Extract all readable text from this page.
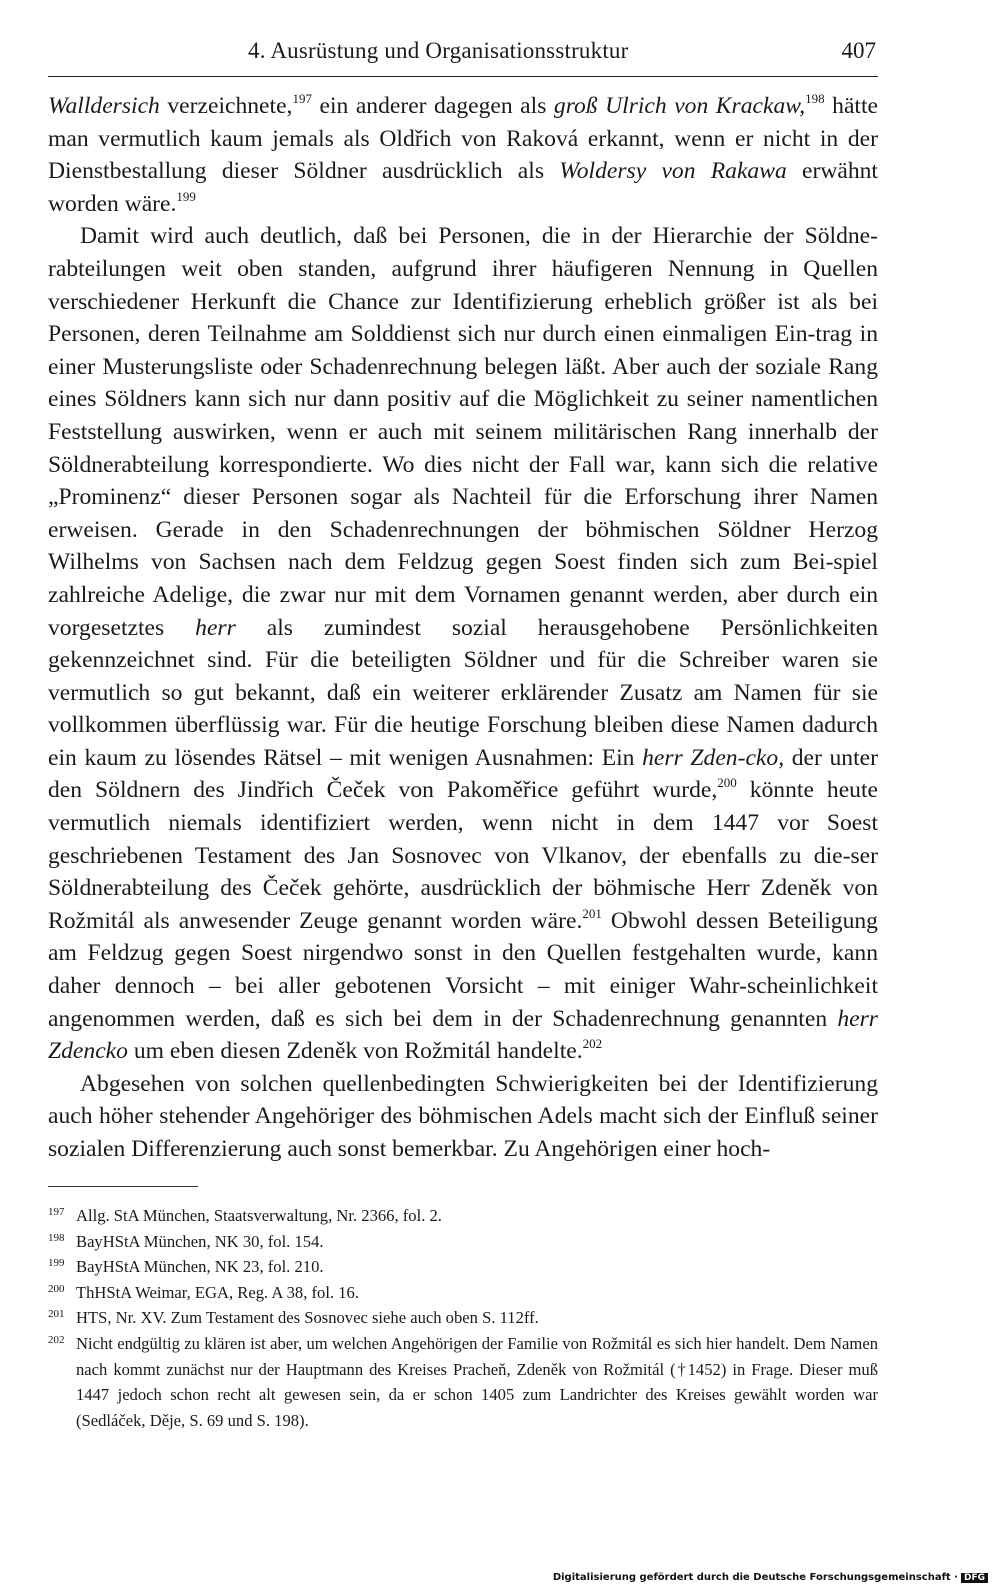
4. Ausrüstung und Organisationsstruktur	407

Walldersich verzeichnete,$^{197}$ ein anderer dagegen als groß Ulrich von Krackaw,$^{198}$ hätte man vermutlich kaum jemals als Oldřich von Raková erkannt, wenn er nicht in der Dienstbestallung dieser Söldner ausdrücklich als Woldersy von Rakawa erwähnt worden wäre.$^{199}$

Damit wird auch deutlich, daß bei Personen, die in der Hierarchie der Söldne-rabteilungen weit oben standen, aufgrund ihrer häufigeren Nennung in Quellen verschiedener Herkunft die Chance zur Identifizierung erheblich größer ist als bei Personen, deren Teilnahme am Solddienst sich nur durch einen einmaligen Ein-trag in einer Musterungsliste oder Schadenrechnung belegen läßt. Aber auch der soziale Rang eines Söldners kann sich nur dann positiv auf die Möglichkeit zu seiner namentlichen Feststellung auswirken, wenn er auch mit seinem militärischen Rang innerhalb der Söldnerabteilung korrespondierte. Wo dies nicht der Fall war, kann sich die relative „Prominenz“ dieser Personen sogar als Nachteil für die Erforschung ihrer Namen erweisen. Gerade in den Schadenrechnungen der böhmischen Söldner Herzog Wilhelms von Sachsen nach dem Feldzug gegen Soest finden sich zum Bei-spiel zahlreiche Adelige, die zwar nur mit dem Vornamen genannt werden, aber durch ein vorgesetztes herr als zumindest sozial herausgehobene Persönlichkeiten gekennzeichnet sind. Für die beteiligten Söldner und für die Schreiber waren sie vermutlich so gut bekannt, daß ein weiterer erklärender Zusatz am Namen für sie vollkommen überflüssig war. Für die heutige Forschung bleiben diese Namen dadurch ein kaum zu lösendes Rätsel – mit wenigen Ausnahmen: Ein herr Zden-cko, der unter den Söldnern des Jindřich Čeček von Pakoměřice geführt wurde,$^{200}$ könnte heute vermutlich niemals identifiziert werden, wenn nicht in dem 1447 vor Soest geschriebenen Testament des Jan Sosnovec von Vlkanov, der ebenfalls zu die-ser Söldnerabteilung des Čeček gehörte, ausdrücklich der böhmische Herr Zdeněk von Rožmitál als anwesender Zeuge genannt worden wäre.$^{201}$ Obwohl dessen Beteiligung am Feldzug gegen Soest nirgendwo sonst in den Quellen festgehalten wurde, kann daher dennoch – bei aller gebotenen Vorsicht – mit einiger Wahr-scheinlichkeit angenommen werden, daß es sich bei dem in der Schadenrechnung genannten herr Zdencko um eben diesen Zdeněk von Rožmitál handelte.$^{202}$

Abgesehen von solchen quellenbedingten Schwierigkeiten bei der Identifizierung auch höher stehender Angehöriger des böhmischen Adels macht sich der Einfluß seiner sozialen Differenzierung auch sonst bemerkbar. Zu Angehörigen einer hoch-

$^{197}$ Allg. StA München, Staatsverwaltung, Nr. 2366, fol. 2.
$^{198}$ BayHStA München, NK 30, fol. 154.
$^{199}$ BayHStA München, NK 23, fol. 210.
$^{200}$ ThHStA Weimar, EGA, Reg. A 38, fol. 16.
$^{201}$ HTS, Nr. XV. Zum Testament des Sosnovec siehe auch oben S. 112ff.
$^{202}$ Nicht endgültig zu klären ist aber, um welchen Angehörigen der Familie von Rožmitál es sich hier handelt. Dem Namen nach kommt zunächst nur der Hauptmann des Kreises Pracheň, Zdeněk von Rožmitál (†1452) in Frage. Dieser muß 1447 jedoch schon recht alt gewesen sein, da er schon 1405 zum Landrichter des Kreises gewählt worden war (Sedláček, Děje, S. 69 und S. 198).
Digitalisierung gefördert durch die Deutsche Forschungsgemeinschaft · DFG
